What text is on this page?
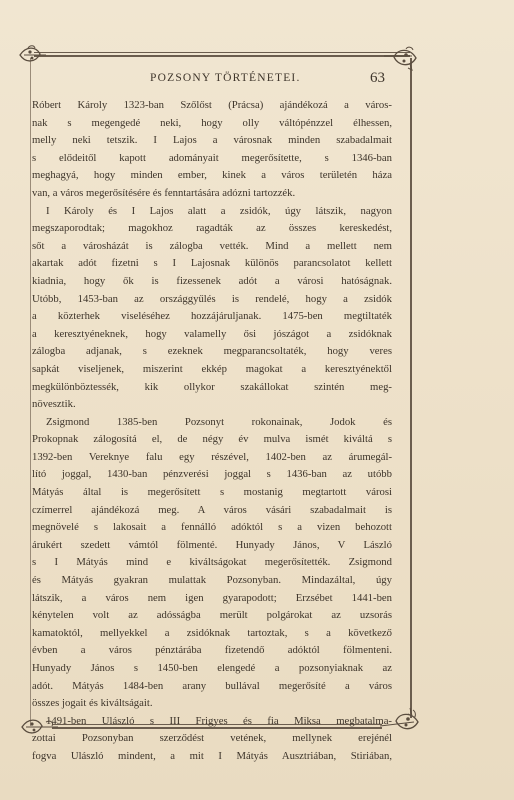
POZSONY TÖRTÉNETEI.	63
Róbert Károly 1323-ban Szőlőst (Prácsa) ajándékozá a város-
nak s megengedé neki, hogy olly váltópénzzel élhessen,
melly neki tetszik. I Lajos a városnak minden szabadalmait
s elődeitől kapott adományait megerősítette, s 1346-ban
meghagyá, hogy minden ember, kinek a város területén háza
van, a város megerősítésére és fenntartására adózni tartozzék.
I Károly és I Lajos alatt a zsidók, úgy látszik, nagyon
megszaporodtak; magokhoz ragadták az összes kereskedést,
sőt a városházát is zálogba vették. Mind a mellett nem
akartak adót fizetni s I Lajosnak különös parancsolatot kellett
kiadnia, hogy ők is fizessenek adót a városi hatóságnak.
Utóbb, 1453-ban az országgyűlés is rendelé, hogy a zsidók
a közterhek viseléséhez hozzájáruljanak. 1475-ben megtiltaték
a keresztyéneknek, hogy valamelly ősi jószágot a zsidóknak
zálogba adjanak, s ezeknek megparancsoltaték, hogy veres
sapkát viseljenek, miszerint ekkép magokat a keresztyénektől
megkülönböztessék, kik ollykor szakállokat szintén meg-
növesztik.
Zsigmond 1385-ben Pozsonyt rokonainak, Jodok és
Prokopnak zálogosítá el, de négy év mulva ismét kiváltá s
1392-ben Vereknye falu egy részével, 1402-ben az árumegál-
lító joggal, 1430-ban pénzverési joggal s 1436-ban az utóbb
Mátyás által is megerősített s mostanig megtartott városi
czímerrel ajándékozá meg. A város vásári szabadalmait is
megnövelé s lakosait a fennálló adóktól s a vizen behozott
árukért szedett vámtól fölmenté. Hunyady János, V László
s I Mátyás mind e kiváltságokat megerősítették. Zsigmond
és Mátyás gyakran mulattak Pozsonyban. Mindazáltal, úgy
látszik, a város nem igen gyarapodott; Erzsébet 1441-ben
kénytelen volt az adósságba merült polgárokat az uzsorás
kamatoktól, mellyekkel a zsidóknak tartoztak, s a következő
évben a város pénztárába fizetendő adóktól fölmenteni.
Hunyady János s 1450-ben elengedé a pozsonyiaknak az
adót. Mátyás 1484-ben arany bullával megerősíté a város
összes jogait és kiváltságait.
1491-ben Ulászló s III Frigyes és fia Miksa megbatalma-
zottai Pozsonyban szerződést vetének, mellynek erejénél
fogva Ulászló mindent, a mit I Mátyás Ausztriában, Stiriában,
